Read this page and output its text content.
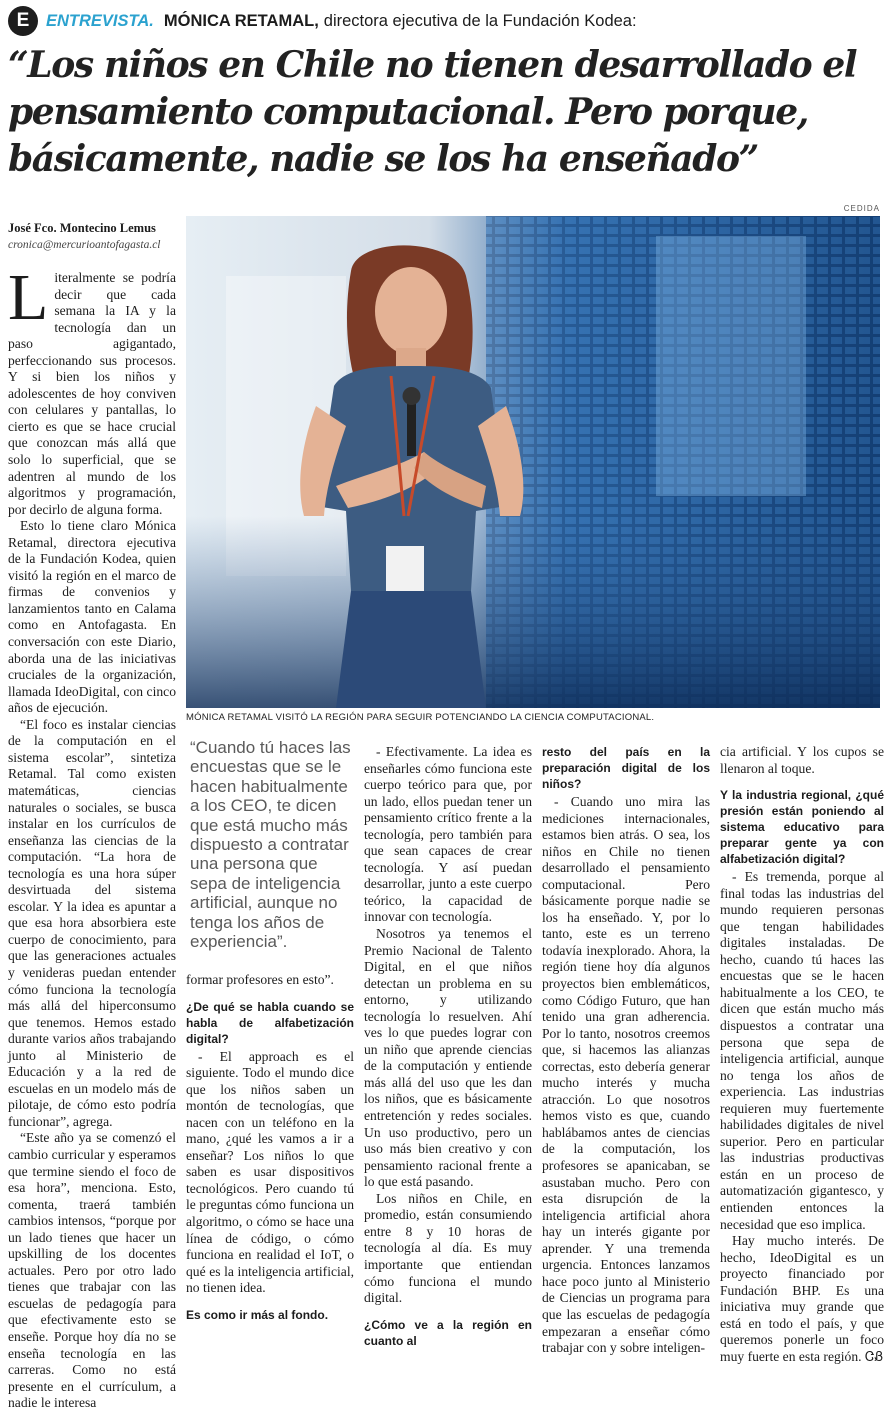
E	ENTREVISTA. MÓNICA RETAMAL, directora ejecutiva de la Fundación Kodea:
“Los niños en Chile no tienen desarrollado el pensamiento computacional. Pero porque, básicamente, nadie se los ha enseñado”
CEDIDA
José Fco. Montecino Lemus
cronica@mercurioantofagasta.cl
MÓNICA RETAMAL VISITÓ LA REGIÓN PARA SEGUIR POTENCIANDO LA CIENCIA COMPUTACIONAL.

Literalmente se podría decir que cada semana la IA y la tecnología dan un paso agigantado, perfeccionando sus procesos. Y si bien los niños y adolescentes de hoy conviven con celulares y pantallas, lo cierto es que se hace crucial que conozcan más allá que solo lo superficial, que se adentren al mundo de los algoritmos y programación, por decirlo de alguna forma.

Esto lo tiene claro Mónica Retamal, directora ejecutiva de la Fundación Kodea, quien visitó la región en el marco de firmas de convenios y lanzamientos tanto en Calama como en Antofagasta. En conversación con este Diario, aborda una de las iniciativas cruciales de la organización, llamada IdeoDigital, con cinco años de ejecución.

“El foco es instalar ciencias de la computación en el sistema escolar”, sintetiza Retamal. Tal como existen matemáticas, ciencias naturales o sociales, se busca instalar en los currículos de enseñanza las ciencias de la computación. “La hora de tecnología es una hora súper desvirtuada del sistema escolar. Y la idea es apuntar a que esa hora absorbiera este cuerpo de conocimiento, para que las generaciones actuales y venideras puedan entender cómo funciona la tecnología más allá del hiperconsumo que tenemos. Hemos estado durante varios años trabajando junto al Ministerio de Educación y a la red de escuelas en un modelo más de pilotaje, de cómo esto podría funcionar”, agrega.

“Este año ya se comenzó el cambio curricular y esperamos que termine siendo el foco de esa hora”, menciona. Esto, comenta, traerá también cambios intensos, “porque por un lado tienes que hacer un upskilling de los docentes actuales. Pero por otro lado tienes que trabajar con las escuelas de pedagogía para que efectivamente esto se enseñe. Porque hoy día no se enseña tecnología en las carreras. Como no está presente en el currículum, a nadie le interesa

“Cuando tú haces las encuestas que se le hacen habitualmente a los CEO, te dicen que está mucho más dispuesto a contratar una persona que sepa de inteligencia artificial, aunque no tenga los años de experiencia”.

formar profesores en esto”.

¿De qué se habla cuando se habla de alfabetización digital?

- El approach es el siguiente. Todo el mundo dice que los niños saben un montón de tecnologías, que nacen con un teléfono en la mano, ¿qué les vamos a ir a enseñar? Los niños lo que saben es usar dispositivos tecnológicos. Pero cuando tú le preguntas cómo funciona un algoritmo, o cómo se hace una línea de código, o cómo funciona en realidad el IoT, o qué es la inteligencia artificial, no tienen idea.

Es como ir más al fondo.

- Efectivamente. La idea es enseñarles cómo funciona este cuerpo teórico para que, por un lado, ellos puedan tener un pensamiento crítico frente a la tecnología, pero también para que sean capaces de crear tecnología. Y así puedan desarrollar, junto a este cuerpo teórico, la capacidad de innovar con tecnología.

Nosotros ya tenemos el Premio Nacional de Talento Digital, en el que niños detectan un problema en su entorno, y utilizando tecnología lo resuelven. Ahí ves lo que puedes lograr con un niño que aprende ciencias de la computación y entiende más allá del uso que les dan los niños, que es básicamente entretención y redes sociales. Un uso productivo, pero un uso más bien creativo y con pensamiento racional frente a lo que está pasando.

Los niños en Chile, en promedio, están consumiendo entre 8 y 10 horas de tecnología al día. Es muy importante que entiendan cómo funciona el mundo digital.

¿Cómo ve a la región en cuanto al

resto del país en la preparación digital de los niños?

- Cuando uno mira las mediciones internacionales, estamos bien atrás. O sea, los niños en Chile no tienen desarrollado el pensamiento computacional. Pero básicamente porque nadie se los ha enseñado. Y, por lo tanto, este es un terreno todavía inexplorado. Ahora, la región tiene hoy día algunos proyectos bien emblemáticos, como Código Futuro, que han tenido una gran adherencia. Por lo tanto, nosotros creemos que, si hacemos las alianzas correctas, esto debería generar mucho interés y mucha atracción. Lo que nosotros hemos visto es que, cuando hablábamos antes de ciencias de la computación, los profesores se apanicaban, se asustaban mucho. Pero con esta disrupción de la inteligencia artificial ahora hay un interés gigante por aprender. Y una tremenda urgencia. Entonces lanzamos hace poco junto al Ministerio de Ciencias un programa para que las escuelas de pedagogía empezaran a enseñar cómo trabajar con y sobre inteligen-

cia artificial. Y los cupos se llenaron al toque.

Y la industria regional, ¿qué presión están poniendo al sistema educativo para preparar gente ya con alfabetización digital?

- Es tremenda, porque al final todas las industrias del mundo requieren personas que tengan habilidades digitales instaladas. De hecho, cuando tú haces las encuestas que se le hacen habitualmente a los CEO, te dicen que están mucho más dispuestos a contratar una persona que sepa de inteligencia artificial, aunque no tenga los años de experiencia. Las industrias requieren muy fuertemente habilidades digitales de nivel superior. Pero en particular las industrias productivas están en un proceso de automatización gigantesco, y entienden entonces la necesidad que eso implica.

Hay mucho interés. De hecho, IdeoDigital es un proyecto financiado por Fundación BHP. Es una iniciativa muy grande que está en todo el país, y que queremos ponerle un foco muy fuerte en esta región. ᏣᏰ
